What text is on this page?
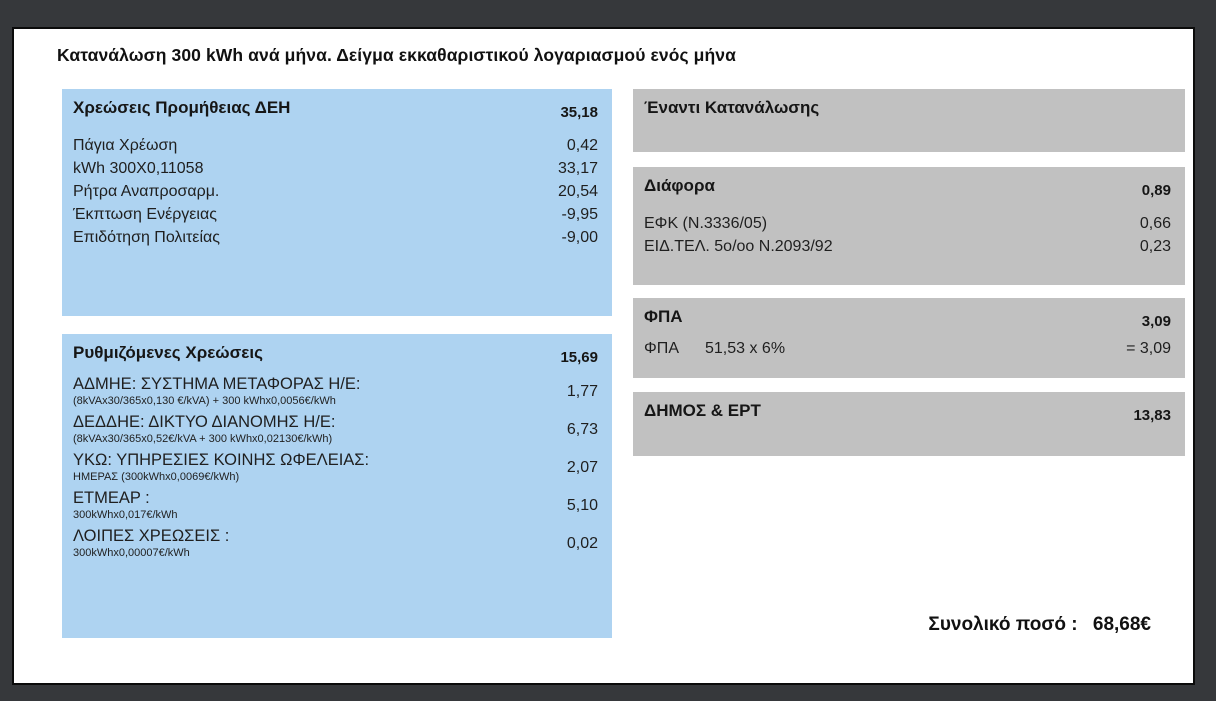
Κατανάλωση 300 kWh ανά μήνα. Δείγμα εκκαθαριστικού λογαριασμού ενός μήνα
Χρεώσεις Προμήθειας ΔΕΗ	35,18
Πάγια Χρέωση	0,42
kWh 300X0,11058	33,17
Ρήτρα Αναπροσαρμ.	20,54
Έκπτωση Ενέργειας	-9,95
Επιδότηση Πολιτείας	-9,00
Ρυθμιζόμενες Χρεώσεις	15,69
ΑΔΜΗΕ: ΣΥΣΤΗΜΑ ΜΕΤΑΦΟΡΑΣ Η/Ε:
(8kVAx30/365x0,130 €/kVA) + 300 kWhx0,0056€/kWh
1,77
ΔΕΔΔΗΕ: ΔΙΚΤΥΟ ΔΙΑΝΟΜΗΣ Η/Ε:
(8kVAx30/365x0,52€/kVA + 300 kWhx0,02130€/kWh)
6,73
ΥΚΩ: ΥΠΗΡΕΣΙΕΣ ΚΟΙΝΗΣ ΩΦΕΛΕΙΑΣ:
ΗΜΕΡΑΣ (300kWhx0,0069€/kWh)
2,07
ΕΤΜΕΑΡ :
300kWhx0,017€/kWh
5,10
ΛΟΙΠΕΣ ΧΡΕΩΣΕΙΣ :
300kWhx0,00007€/kWh
0,02
Έναντι Κατανάλωσης
Διάφορα	0,89
ΕΦΚ (Ν.3336/05)	0,66
ΕΙΔ.ΤΕΛ. 5ο/οο Ν.2093/92	0,23
ΦΠΑ	3,09
ΦΠΑ 51,53 x 6%	= 3,09
ΔΗΜΟΣ & ΕΡΤ	13,83
Συνολικό ποσό : 68,68€
